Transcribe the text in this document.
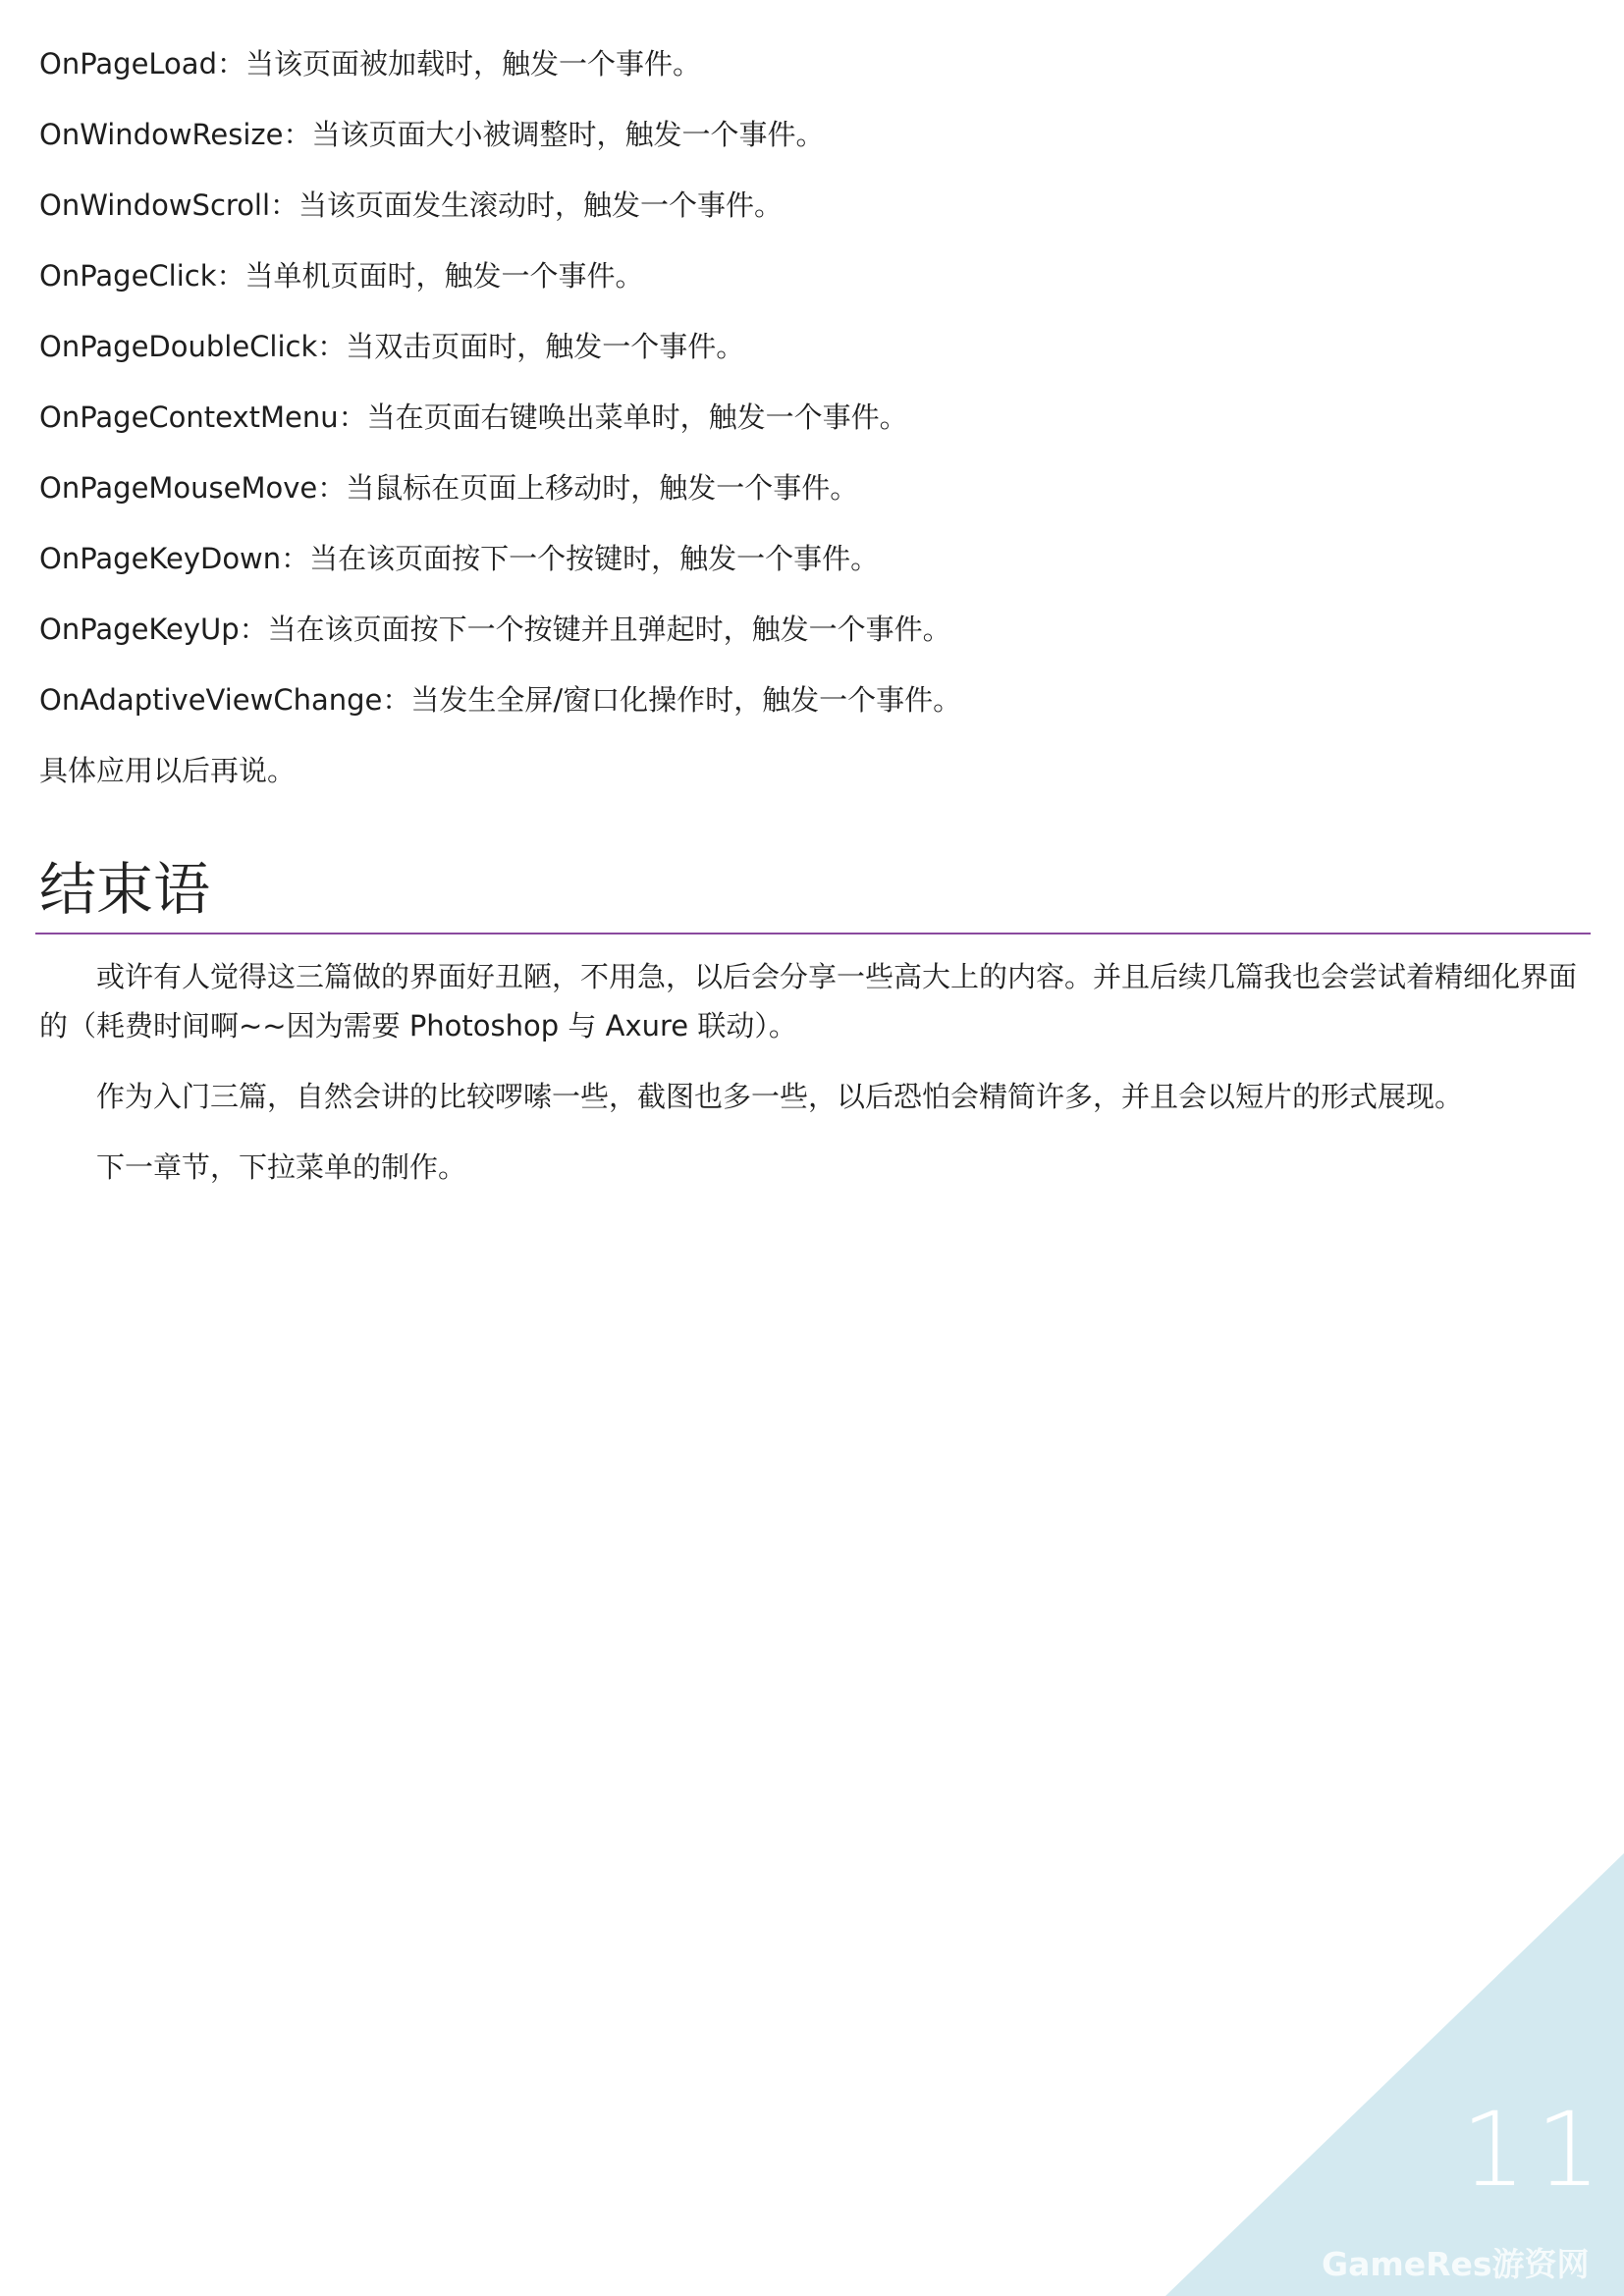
OnPageLoad：当该页面被加载时，触发一个事件。
OnWindowResize：当该页面大小被调整时，触发一个事件。
OnWindowScroll：当该页面发生滚动时，触发一个事件。
OnPageClick：当单机页面时，触发一个事件。
OnPageDoubleClick：当双击页面时，触发一个事件。
OnPageContextMenu：当在页面右键唤出菜单时，触发一个事件。
OnPageMouseMove：当鼠标在页面上移动时，触发一个事件。
OnPageKeyDown：当在该页面按下一个按键时，触发一个事件。
OnPageKeyUp：当在该页面按下一个按键并且弹起时，触发一个事件。
OnAdaptiveViewChange：当发生全屏/窗口化操作时，触发一个事件。
具体应用以后再说。
结束语

或许有人觉得这三篇做的界面好丑陋，不用急，以后会分享一些高大上的内容。并且后续几篇我也会尝试着精细化界面的（耗费时间啊~~因为需要 Photoshop 与 Axure 联动）。

作为入门三篇，自然会讲的比较啰嗦一些，截图也多一些，以后恐怕会精简许多，并且会以短片的形式展现。

下一章节，下拉菜单的制作。

11
GameRes游资网
